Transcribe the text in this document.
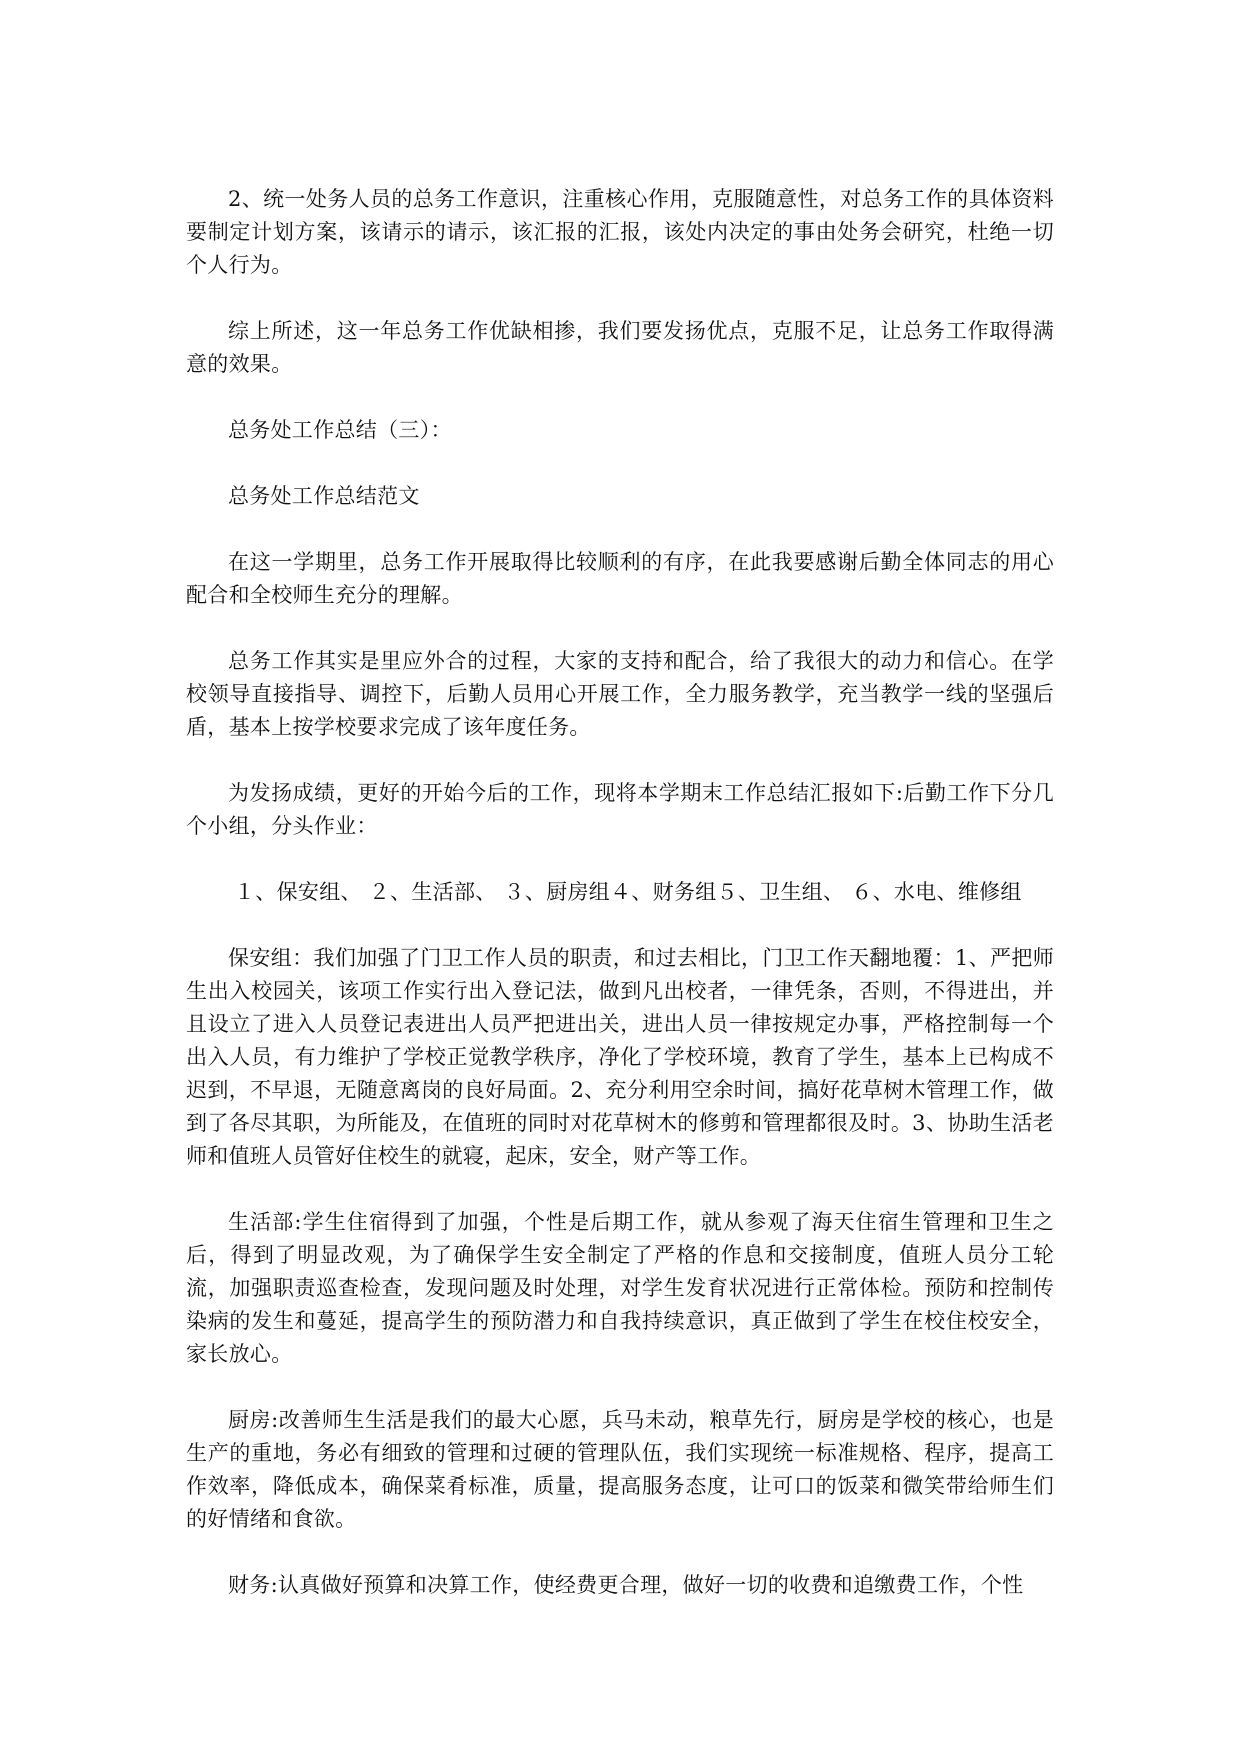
2、统一处务人员的总务工作意识，注重核心作用，克服随意性，对总务工作的具体资料要制定计划方案，该请示的请示，该汇报的汇报，该处内决定的事由处务会研究，杜绝一切个人行为。

综上所述，这一年总务工作优缺相掺，我们要发扬优点，克服不足，让总务工作取得满意的效果。

总务处工作总结（三）：

总务处工作总结范文

在这一学期里，总务工作开展取得比较顺利的有序，在此我要感谢后勤全体同志的用心配合和全校师生充分的理解。

总务工作其实是里应外合的过程，大家的支持和配合，给了我很大的动力和信心。在学校领导直接指导、调控下，后勤人员用心开展工作，全力服务教学，充当教学一线的坚强后盾，基本上按学校要求完成了该年度任务。

为发扬成绩，更好的开始今后的工作，现将本学期末工作总结汇报如下:后勤工作下分几个小组，分头作业：

１、保安组、 ２、生活部、 ３、厨房组４、财务组５、卫生组、 ６、水电、维修组

保安组：我们加强了门卫工作人员的职责，和过去相比，门卫工作天翻地覆：1、严把师生出入校园关，该项工作实行出入登记法，做到凡出校者，一律凭条，否则，不得进出，并且设立了进入人员登记表进出人员严把进出关，进出人员一律按规定办事，严格控制每一个出入人员，有力维护了学校正觉教学秩序，净化了学校环境，教育了学生，基本上已构成不迟到，不早退，无随意离岗的良好局面。2、充分利用空余时间，搞好花草树木管理工作，做到了各尽其职，为所能及，在值班的同时对花草树木的修剪和管理都很及时。3、协助生活老师和值班人员管好住校生的就寝，起床，安全，财产等工作。

生活部:学生住宿得到了加强，个性是后期工作，就从参观了海天住宿生管理和卫生之后，得到了明显改观，为了确保学生安全制定了严格的作息和交接制度，值班人员分工轮流，加强职责巡查检查，发现问题及时处理，对学生发育状况进行正常体检。预防和控制传染病的发生和蔓延，提高学生的预防潜力和自我持续意识，真正做到了学生在校住校安全，家长放心。

厨房:改善师生生活是我们的最大心愿，兵马未动，粮草先行，厨房是学校的核心，也是生产的重地，务必有细致的管理和过硬的管理队伍，我们实现统一标准规格、程序，提高工作效率，降低成本，确保菜肴标准，质量，提高服务态度，让可口的饭菜和微笑带给师生们的好情绪和食欲。

财务:认真做好预算和决算工作，使经费更合理，做好一切的收费和追缴费工作，个性
